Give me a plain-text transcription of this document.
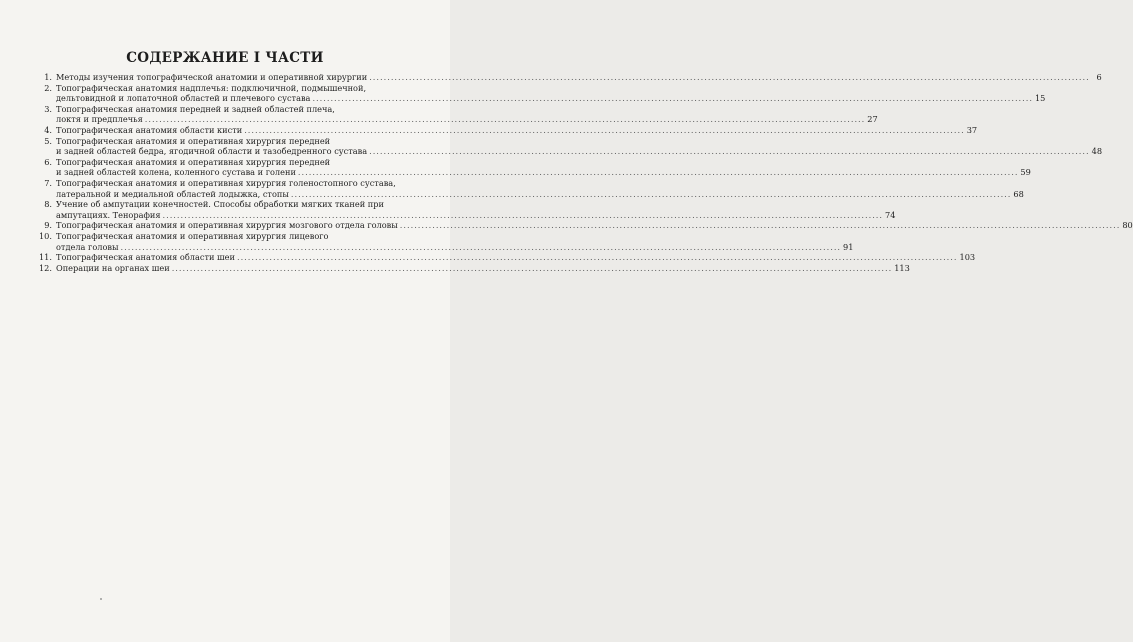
СОДЕРЖАНИЕ I ЧАСТИ
1. Методы изучения топографической анатомии и оперативной хирургии .....	6
2. Топографическая анатомия надплечья: подключичной, подмышечной,
дельтовидной и лопаточной областей и плечевого сустава .....	15
3. Топографическая анатомия передней и задней областей плеча,
локтя и предплечья .....	27
4. Топографическая анатомия области кисти .....	37
5. Топографическая анатомия и оперативная хирургия передней
и задней областей бедра, ягодичной области и тазобедренного сустава .....	48
6. Топографическая анатомия и оперативная хирургия передней
и задней областей колена, коленного сустава и голени .....	59
7. Топографическая анатомия и оперативная хирургия голеностопного сустава,
латеральной и медиальной областей лодыжка, стопы .....	68
8. Учение об ампутации конечностей. Способы обработки мягких тканей при
ампутациях. Тенорафия .....	74
9. Топографическая анатомия и оперативная хирургия мозгового отдела головы .....	80
10. Топографическая анатомия и оперативная хирургия лицевого
отдела головы .....	91
11. Топографическая анатомия области шеи .....	103
12. Операции на органах шеи .....	113
